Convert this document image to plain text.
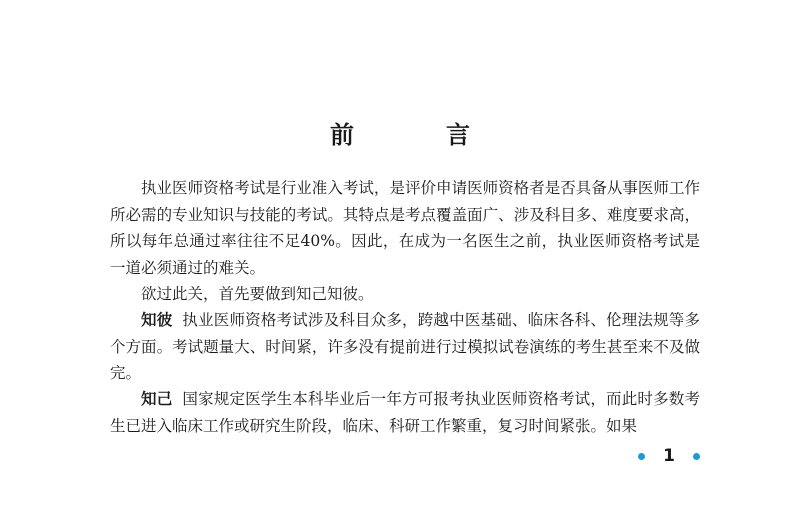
前　言

执业医师资格考试是行业准入考试，是评价申请医师资格者是否具备从事医师工作所必需的专业知识与技能的考试。其特点是考点覆盖面广、涉及科目多、难度要求高，所以每年总通过率往往不足40%。因此，在成为一名医生之前，执业医师资格考试是一道必须通过的难关。

欲过此关，首先要做到知己知彼。

知彼 执业医师资格考试涉及科目众多，跨越中医基础、临床各科、伦理法规等多个方面。考试题量大、时间紧，许多没有提前进行过模拟试卷演练的考生甚至来不及做完。

知己 国家规定医学生本科毕业后一年方可报考执业医师资格考试，而此时多数考生已进入临床工作或研究生阶段，临床、科研工作繁重，复习时间紧张。如果

1
